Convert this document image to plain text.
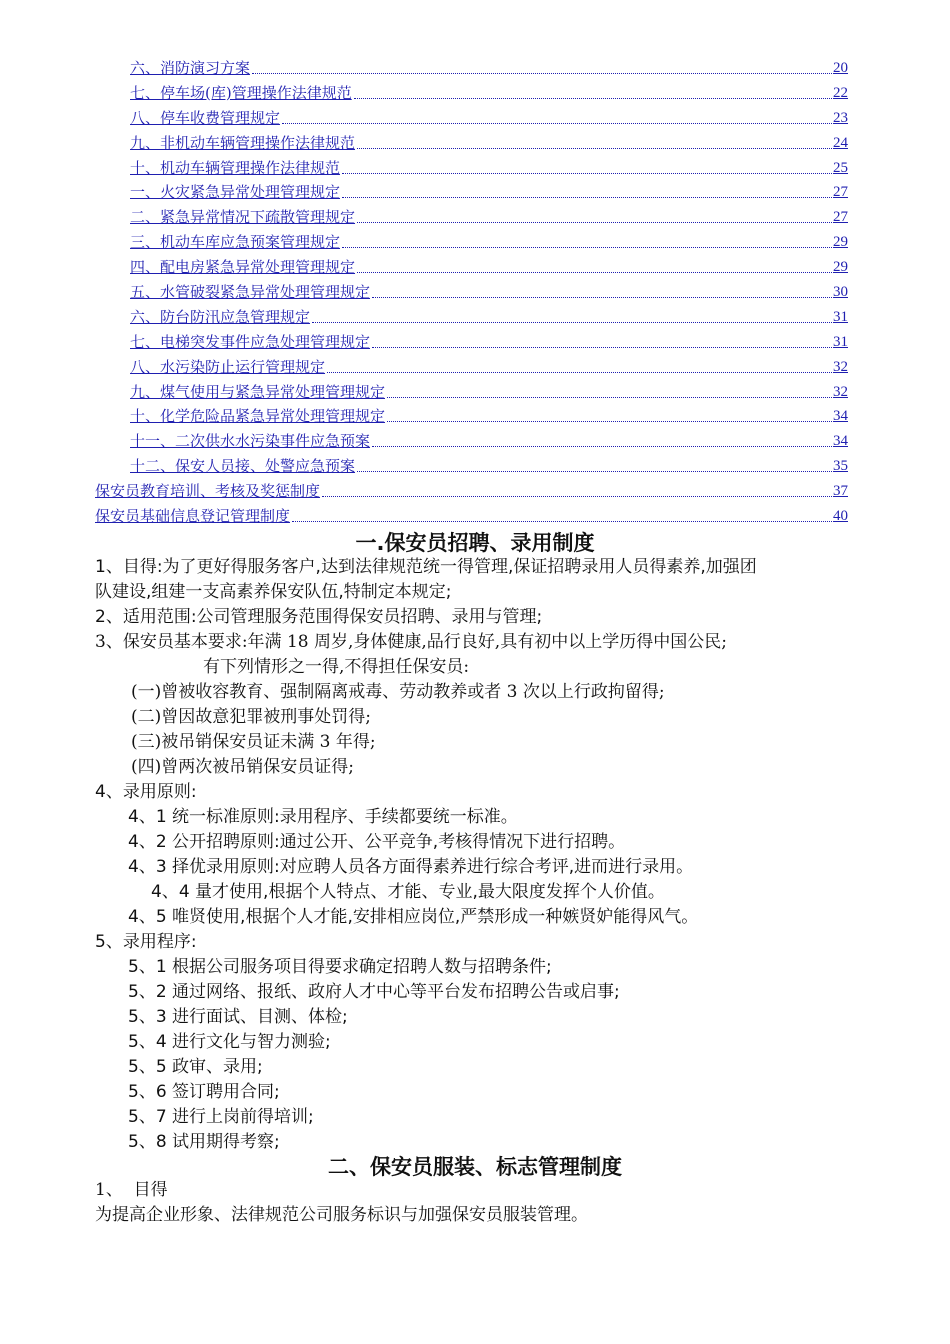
六、消防演习方案	20
七、停车场(库)管理操作法律规范	22
八、停车收费管理规定	23
九、非机动车辆管理操作法律规范	24
十、机动车辆管理操作法律规范	25
一、火灾紧急异常处理管理规定	27
二、紧急异常情况下疏散管理规定	27
三、机动车库应急预案管理规定	29
四、配电房紧急异常处理管理规定	29
五、水管破裂紧急异常处理管理规定	30
六、防台防汛应急管理规定	31
七、电梯突发事件应急处理管理规定	31
八、水污染防止运行管理规定	32
九、煤气使用与紧急异常处理管理规定	32
十、化学危险品紧急异常处理管理规定	34
十一、二次供水水污染事件应急预案	34
十二、保安人员接、处警应急预案	35
保安员教育培训、考核及奖惩制度	37
保安员基础信息登记管理制度	40
一.保安员招聘、录用制度
1、目得:为了更好得服务客户,达到法律规范统一得管理,保证招聘录用人员得素养,加强团
队建设,组建一支高素养保安队伍,特制定本规定;
2、适用范围:公司管理服务范围得保安员招聘、录用与管理;
3、保安员基本要求:年满 18 周岁,身体健康,品行良好,具有初中以上学历得中国公民;
有下列情形之一得,不得担任保安员:
(一)曾被收容教育、强制隔离戒毒、劳动教养或者 3 次以上行政拘留得;
(二)曾因故意犯罪被刑事处罚得;
(三)被吊销保安员证未满 3 年得;
(四)曾两次被吊销保安员证得;
4、录用原则:
4、1 统一标准原则:录用程序、手续都要统一标准。
4、2 公开招聘原则:通过公开、公平竞争,考核得情况下进行招聘。
4、3 择优录用原则:对应聘人员各方面得素养进行综合考评,进而进行录用。
4、4 量才使用,根据个人特点、才能、专业,最大限度发挥个人价值。
4、5 唯贤使用,根据个人才能,安排相应岗位,严禁形成一种嫉贤妒能得风气。
5、录用程序:
5、1 根据公司服务项目得要求确定招聘人数与招聘条件;
5、2 通过网络、报纸、政府人才中心等平台发布招聘公告或启事;
5、3 进行面试、目测、体检;
5、4 进行文化与智力测验;
5、5 政审、录用;
5、6 签订聘用合同;
5、7 进行上岗前得培训;
5、8 试用期得考察;
二、保安员服装、标志管理制度
1、  目得
为提高企业形象、法律规范公司服务标识与加强保安员服装管理。
